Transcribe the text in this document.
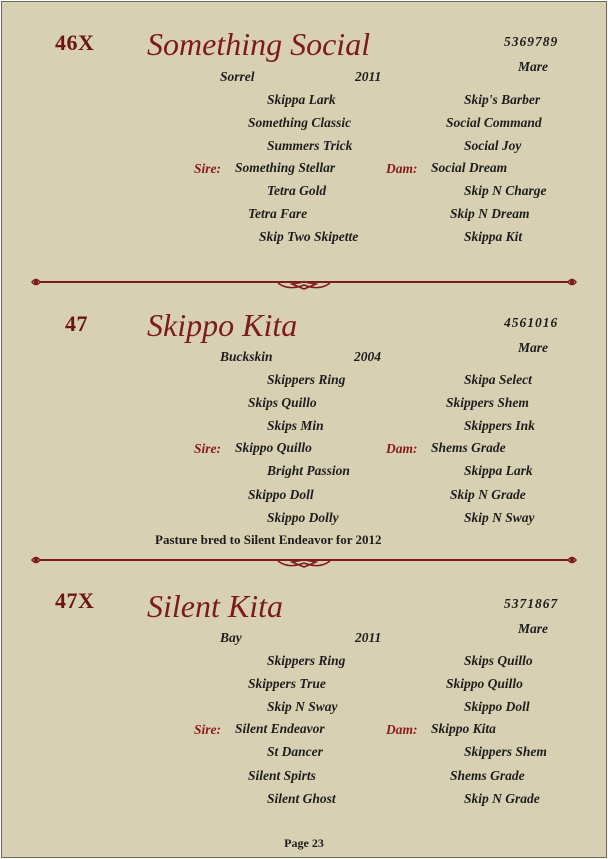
46X Something Social	5369789
Mare
Sorrel	2011
Skippa Lark
Something Classic
Summers Trick
Sire: Something Stellar
Tetra Gold
Tetra Fare
Skip Two Skipette
Skip's Barber
Social Command
Social Joy
Dam: Social Dream
Skip N Charge
Skip N Dream
Skippa Kit
47 Skippo Kita	4561016
Mare
Buckskin	2004
Skippers Ring
Skips Quillo
Skips Min
Sire: Skippo Quillo
Bright Passion
Skippo Doll
Skippo Dolly
Skipa Select
Skippers Shem
Skippers Ink
Dam: Shems Grade
Skippa Lark
Skip N Grade
Skip N Sway
Pasture bred to Silent Endeavor for 2012
47X Silent Kita	5371867
Mare
Bay	2011
Skippers Ring
Skippers True
Skip N Sway
Sire: Silent Endeavor
St Dancer
Silent Spirts
Silent Ghost
Skips Quillo
Skippo Quillo
Skippo Doll
Dam: Skippo Kita
Skippers Shem
Shems Grade
Skip N Grade
Page 23
